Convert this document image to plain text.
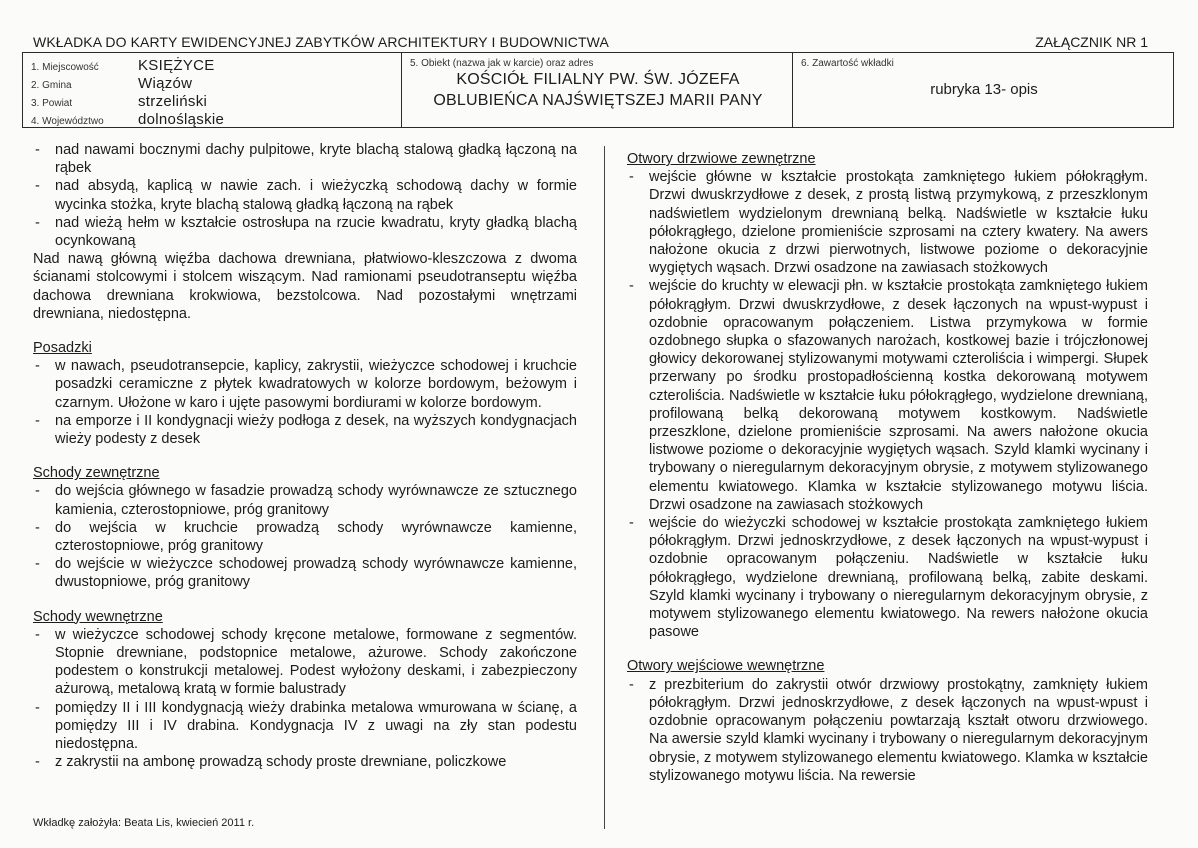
WKŁADKA DO KARTY EWIDENCYJNEJ ZABYTKÓW ARCHITEKTURY I BUDOWNICTWA	ZAŁĄCZNIK NR 1
1. Miejscowość	KSIĘŻYCE
2. Gmina	Wiązów
3. Powiat	strzeliński
4. Województwo	dolnośląskie
5. Obiekt (nazwa jak w karcie) oraz adres
KOŚCIÓŁ FILIALNY PW. ŚW. JÓZEFA
OBLUBIEŃCA NAJŚWIĘTSZEJ MARII PANY
6. Zawartość wkładki
rubryka 13- opis
- nad nawami bocznymi dachy pulpitowe, kryte blachą stalową gładką łączoną na rąbek
- nad absydą, kaplicą w nawie zach. i wieżyczką schodową dachy w formie wycinka stożka, kryte blachą stalową gładką łączoną na rąbek
- nad wieżą hełm w kształcie ostrosłupa na rzucie kwadratu, kryty gładką blachą ocynkowaną

Nad nawą główną więźba dachowa drewniana, płatwiowo-kleszczowa z dwoma ścianami stolcowymi i stolcem wiszącym. Nad ramionami pseudotranseptu więźba dachowa drewniana krokwiowa, bezstolcowa. Nad pozostałymi wnętrzami drewniana, niedostępna.

Posadzki
- w nawach, pseudotransepcie, kaplicy, zakrystii, wieżyczce schodowej i kruchcie posadzki ceramiczne z płytek kwadratowych w kolorze bordowym, beżowym i czarnym. Ułożone w karo i ujęte pasowymi bordiurami w kolorze bordowym.
- na emporze i II kondygnacji wieży podłoga z desek, na wyższych kondygnacjach wieży podesty z desek
Schody zewnętrzne
- do wejścia głównego w fasadzie prowadzą schody wyrównawcze ze sztucznego kamienia, czterostopniowe, próg granitowy
- do wejścia w kruchcie prowadzą schody wyrównawcze kamienne, czterostopniowe, próg granitowy
- do wejście w wieżyczce schodowej prowadzą schody wyrównawcze kamienne, dwustopniowe, próg granitowy
Schody wewnętrzne
- w wieżyczce schodowej schody kręcone metalowe, formowane z segmentów. Stopnie drewniane, podstopnice metalowe, ażurowe. Schody zakończone podestem o konstrukcji metalowej. Podest wyłożony deskami, i zabezpieczony ażurową, metalową kratą w formie balustrady
- pomiędzy II i III kondygnacją wieży drabinka metalowa wmurowana w ścianę, a pomiędzy III i IV drabina. Kondygnacja IV z uwagi na zły stan podestu niedostępna.
- z zakrystii na ambonę prowadzą schody proste drewniane, policzkowe
Otwory drzwiowe zewnętrzne
- wejście główne w kształcie prostokąta zamkniętego łukiem półokrągłym. Drzwi dwuskrzydłowe z desek, z prostą listwą przymykową, z przeszklonym nadświetlem wydzielonym drewnianą belką. Nadświetle w kształcie łuku półokrągłego, dzielone promieniście szprosami na cztery kwatery. Na awers nałożone okucia z drzwi pierwotnych, listwowe poziome o dekoracyjnie wygiętych wąsach. Drzwi osadzone na zawiasach stożkowych
- wejście do kruchty w elewacji płn. w kształcie prostokąta zamkniętego łukiem półokrągłym. Drzwi dwuskrzydłowe, z desek łączonych na wpust-wypust i ozdobnie opracowanym połączeniem. Listwa przymykowa w formie ozdobnego słupka o sfazowanych narożach, kostkowej bazie i trójczłonowej głowicy dekorowanej stylizowanymi motywami czteroliścia i wimpergi. Słupek przerwany po środku prostopadłościenną kostka dekorowaną motywem czteroliścia. Nadświetle w kształcie łuku półokrągłego, wydzielone drewnianą, profilowaną belką dekorowaną motywem kostkowym. Nadświetle przeszklone, dzielone promieniście szprosami. Na awers nałożone okucia listwowe poziome o dekoracyjnie wygiętych wąsach. Szyld klamki wycinany i trybowany o nieregularnym dekoracyjnym obrysie, z motywem stylizowanego elementu kwiatowego. Klamka w kształcie stylizowanego motywu liścia. Drzwi osadzone na zawiasach stożkowych
- wejście do wieżyczki schodowej w kształcie prostokąta zamkniętego łukiem półokrągłym. Drzwi jednoskrzydłowe, z desek łączonych na wpust-wypust i ozdobnie opracowanym połączeniu. Nadświetle w kształcie łuku półokrągłego, wydzielone drewnianą, profilowaną belką, zabite deskami. Szyld klamki wycinany i trybowany o nieregularnym dekoracyjnym obrysie, z motywem stylizowanego elementu kwiatowego. Na rewers nałożone okucia pasowe
Otwory wejściowe wewnętrzne
- z prezbiterium do zakrystii otwór drzwiowy prostokątny, zamknięty łukiem półokrągłym. Drzwi jednoskrzydłowe, z desek łączonych na wpust-wpust i ozdobnie opracowanym połączeniu powtarzają kształt otworu drzwiowego. Na awersie szyld klamki wycinany i trybowany o nieregularnym dekoracyjnym obrysie, z motywem stylizowanego elementu kwiatowego. Klamka w kształcie stylizowanego motywu liścia. Na rewersie
Wkładkę założyła: Beata Lis, kwiecień 2011 r.
